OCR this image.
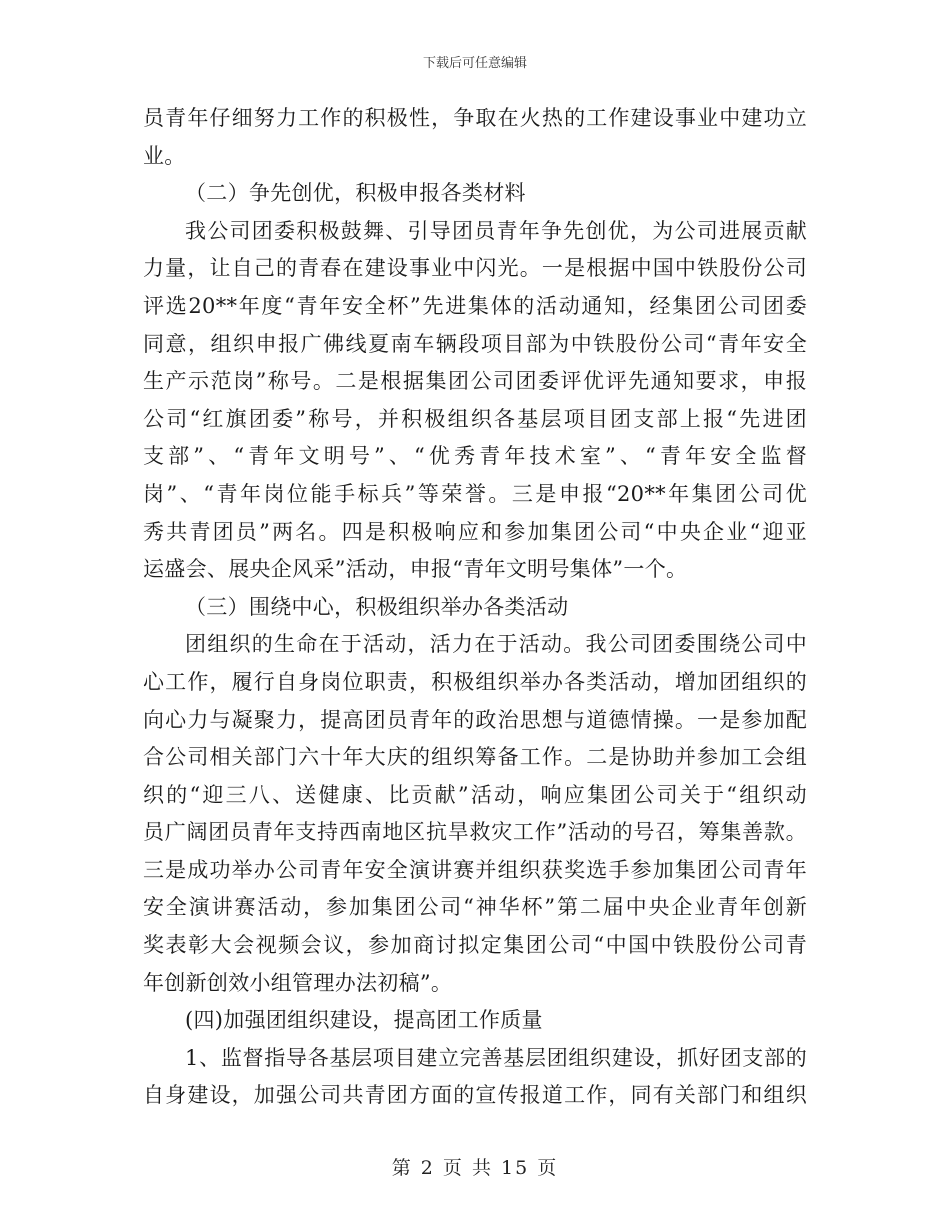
下载后可任意编辑
员青年仔细努力工作的积极性，争取在火热的工作建设事业中建功立
业。
（二）争先创优，积极申报各类材料
我公司团委积极鼓舞、引导团员青年争先创优，为公司进展贡献
力量，让自己的青春在建设事业中闪光。一是根据中国中铁股份公司
评选20**年度“青年安全杯”先进集体的活动通知，经集团公司团委
同意，组织申报广佛线夏南车辆段项目部为中铁股份公司“青年安全
生产示范岗”称号。二是根据集团公司团委评优评先通知要求，申报
公司“红旗团委”称号，并积极组织各基层项目团支部上报“先进团
支部”、“青年文明号”、“优秀青年技术室”、“青年安全监督
岗”、“青年岗位能手标兵”等荣誉。三是申报“20**年集团公司优
秀共青团员”两名。四是积极响应和参加集团公司“中央企业“迎亚
运盛会、展央企风采”活动，申报“青年文明号集体”一个。
（三）围绕中心，积极组织举办各类活动
团组织的生命在于活动，活力在于活动。我公司团委围绕公司中
心工作，履行自身岗位职责，积极组织举办各类活动，增加团组织的
向心力与凝聚力，提高团员青年的政治思想与道德情操。一是参加配
合公司相关部门六十年大庆的组织筹备工作。二是协助并参加工会组
织的“迎三八、送健康、比贡献”活动，响应集团公司关于“组织动
员广阔团员青年支持西南地区抗旱救灾工作”活动的号召，筹集善款。
三是成功举办公司青年安全演讲赛并组织获奖选手参加集团公司青年
安全演讲赛活动，参加集团公司“神华杯”第二届中央企业青年创新
奖表彰大会视频会议，参加商讨拟定集团公司“中国中铁股份公司青
年创新创效小组管理办法初稿”。
(四)加强团组织建设，提高团工作质量
1、监督指导各基层项目建立完善基层团组织建设，抓好团支部的
自身建设，加强公司共青团方面的宣传报道工作，同有关部门和组织
第 2 页 共 15 页
